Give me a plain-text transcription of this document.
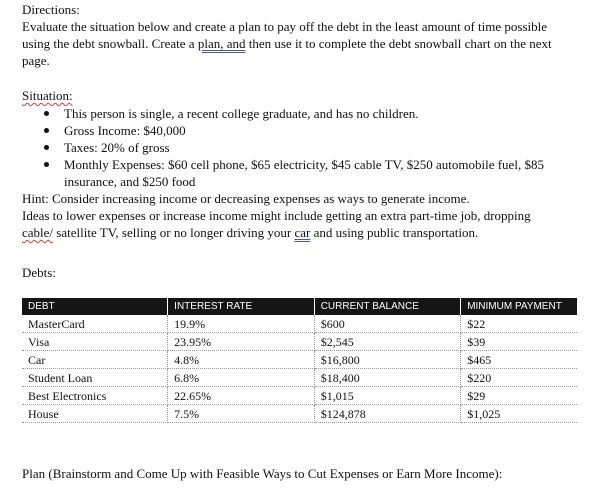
Directions:

Evaluate the situation below and create a plan to pay off the debt in the least amount of time possible using the debt snowball. Create a plan, and then use it to complete the debt snowball chart on the next page.

Situation:

This person is single, a recent college graduate, and has no children.
Gross Income: $40,000
Taxes: 20% of gross
Monthly Expenses: $60 cell phone, $65 electricity, $45 cable TV, $250 automobile fuel, $85 insurance, and $250 food

Hint: Consider increasing income or decreasing expenses as ways to generate income.

Ideas to lower expenses or increase income might include getting an extra part-time job, dropping cable/ satellite TV, selling or no longer driving your car and using public transportation.

Debts:

DEBT	INTEREST RATE	CURRENT BALANCE	MINIMUM PAYMENT
MasterCard	19.9%	$600	$22
Visa	23.95%	$2,545	$39
Car	4.8%	$16,800	$465
Student Loan	6.8%	$18,400	$220
Best Electronics	22.65%	$1,015	$29
House	7.5%	$124,878	$1,025

Plan (Brainstorm and Come Up with Feasible Ways to Cut Expenses or Earn More Income):
